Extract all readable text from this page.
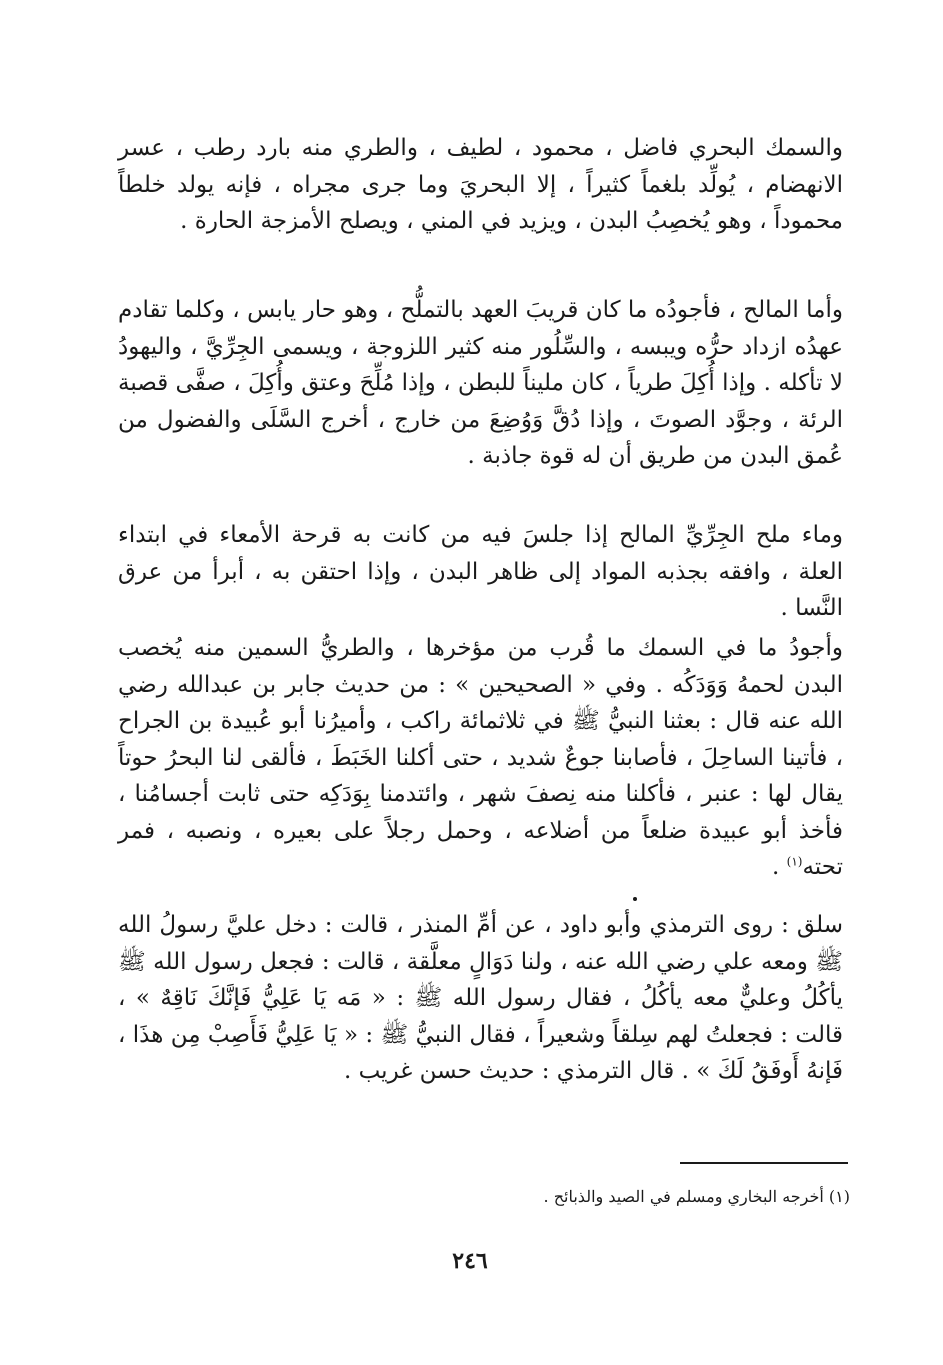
والسمك البحري فاضل ، محمود ، لطيف ، والطري منه بارد رطب ، عسر الانهضام ، يُولِّد بلغماً كثيراً ، إلا البحريَ وما جرى مجراه ، فإنه يولد خلطاً محموداً ، وهو يُخصِبُ البدن ، ويزيد في المني ، ويصلح الأمزجة الحارة .

وأما المالح ، فأجودُه ما كان قريبَ العهد بالتملُّح ، وهو حار يابس ، وكلما تقادم عهدُه ازداد حرُّه ويبسه ، والسِّلُور منه كثير اللزوجة ، ويسمى الجِرِّيَّ ، واليهودُ لا تأكله . وإذا أُكِلَ طرياً ، كان مليناً للبطن ، وإذا مُلِّحَ وعتق وأُكِلَ ، صفَّى قصبة الرئة ، وجوَّد الصوتَ ، وإذا دُقَّ وَوُضِعَ من خارج ، أخرج السَّلَى والفضول من عُمق البدن من طريق أن له قوة جاذبة .

وماء ملح الجِرِّيِّ المالح إذا جلسَ فيه من كانت به قرحة الأمعاء في ابتداء العلة ، وافقه بجذبه المواد إلى ظاهر البدن ، وإذا احتقن به ، أبرأ من عرق النَّسا .

وأجودُ ما في السمك ما قُرب من مؤخرها ، والطريُّ السمين منه يُخصب البدن لحمهُ وَوَدَكُه . وفي « الصحيحين » : من حديث جابر بن عبدالله رضي الله عنه قال : بعثنا النبيُّ ﷺ في ثلاثمائة راكب ، وأميرُنا أبو عُبيدة بن الجراح ، فأتينا الساحِلَ ، فأصابنا جوعٌ شديد ، حتى أكلنا الخَبَطَ ، فألقى لنا البحرُ حوتاً يقال لها : عنبر ، فأكلنا منه نِصفَ شهر ، وائتدمنا بِوَدَكِه حتى ثابت أجسامُنا ، فأخذ أبو عبيدة ضلعاً من أضلاعه ، وحمل رجلاً على بعيره ، ونصبه ، فمر تحته$^{(١)}$ .

سلق : روى الترمذي وأبو داود ، عن أمِّ المنذر ، قالت : دخل عليَّ رسولُ الله ﷺ ومعه علي رضي الله عنه ، ولنا دَوَالٍ معلَّقة ، قالت : فجعل رسول الله ﷺ يأكُلُ وعليٌّ معه يأكُلُ ، فقال رسول الله ﷺ : « مَه يَا عَلِيُّ فَإنَّكَ نَاقِهٌ » ، قالت : فجعلتُ لهم سِلقاً وشعيراً ، فقال النبيُّ ﷺ : « يَا عَلِيُّ فَأَصِبْ مِن هذَا ، فَإنهُ أَوفَقُ لَكَ » . قال الترمذي : حديث حسن غريب .

(١) أخرجه البخاري ومسلم في الصيد والذبائح .

٢٤٦
